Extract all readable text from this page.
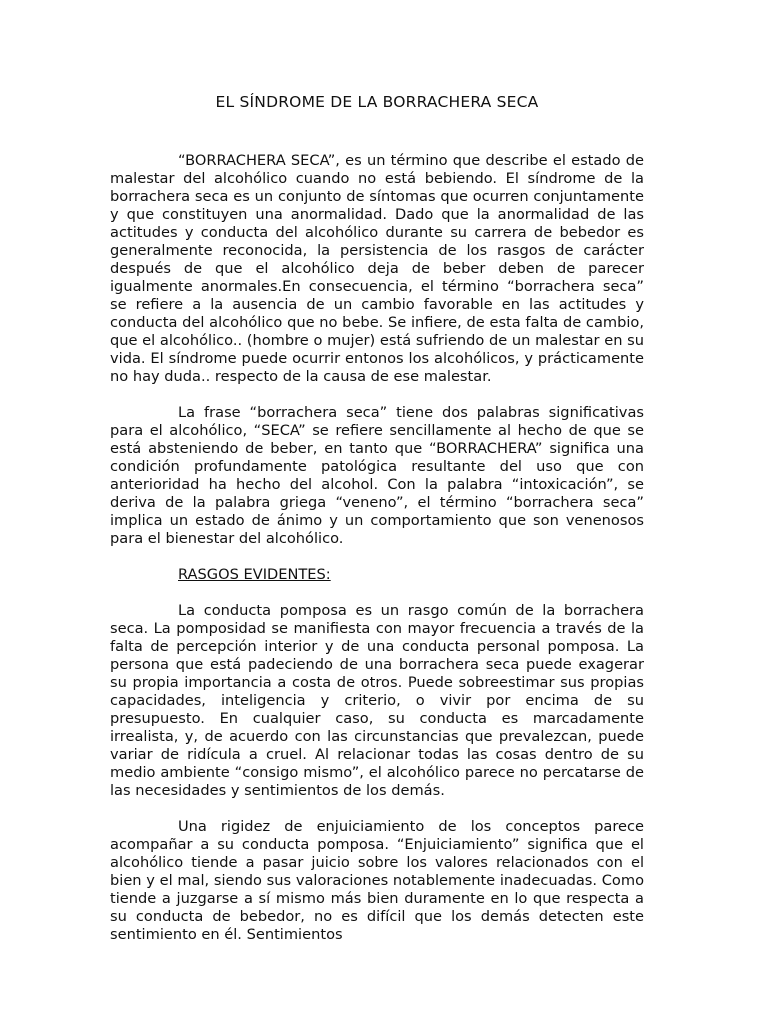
EL SÍNDROME DE LA BORRACHERA SECA

“BORRACHERA SECA”, es un término que describe el estado de malestar del alcohólico cuando no está bebiendo. El síndrome de la borrachera seca es un conjunto de síntomas que ocurren conjuntamente y que constituyen una anormalidad. Dado que la anormalidad de las actitudes y conducta del alcohólico durante su carrera de bebedor es generalmente reconocida, la persistencia de los rasgos de carácter después de que el alcohólico deja de beber deben de parecer igualmente anormales.En consecuencia, el término “borrachera seca” se refiere a la ausencia de un cambio favorable en las actitudes y conducta del alcohólico que no bebe. Se infiere, de esta falta de cambio, que el alcohólico.. (hombre o mujer) está sufriendo de un malestar en su vida. El síndrome puede ocurrir entonos los alcohólicos, y prácticamente no hay duda.. respecto de la causa de ese malestar.

La frase “borrachera seca” tiene dos palabras significativas para el alcohólico, “SECA” se refiere sencillamente al hecho de que se está absteniendo de beber, en tanto que “BORRACHERA” significa una condición profundamente patológica resultante del uso que con anterioridad ha hecho del alcohol. Con la palabra “intoxicación”, se deriva de la palabra griega “veneno”, el término “borrachera seca” implica un estado de ánimo y un comportamiento que son venenosos para el bienestar del alcohólico.

RASGOS EVIDENTES:

La conducta pomposa es un rasgo común de la borrachera seca. La pomposidad se manifiesta con mayor frecuencia a través de la falta de percepción interior y de una conducta personal pomposa. La persona que está padeciendo de una borrachera seca puede exagerar su propia importancia a costa de otros. Puede sobreestimar sus propias capacidades, inteligencia y criterio, o vivir por encima de su presupuesto. En cualquier caso, su conducta es marcadamente irrealista, y, de acuerdo con las circunstancias que prevalezcan, puede variar de ridícula a cruel. Al relacionar todas las cosas dentro de su medio ambiente “consigo mismo”, el alcohólico parece no percatarse de las necesidades y sentimientos de los demás.

Una rigidez de enjuiciamiento de los conceptos parece acompañar a su conducta pomposa. “Enjuiciamiento” significa que el alcohólico tiende a pasar juicio sobre los valores relacionados con el bien y el mal, siendo sus valoraciones notablemente inadecuadas. Como tiende a juzgarse a sí mismo más bien duramente en lo que respecta a su conducta de bebedor, no es difícil que los demás detecten este sentimiento en él. Sentimientos
